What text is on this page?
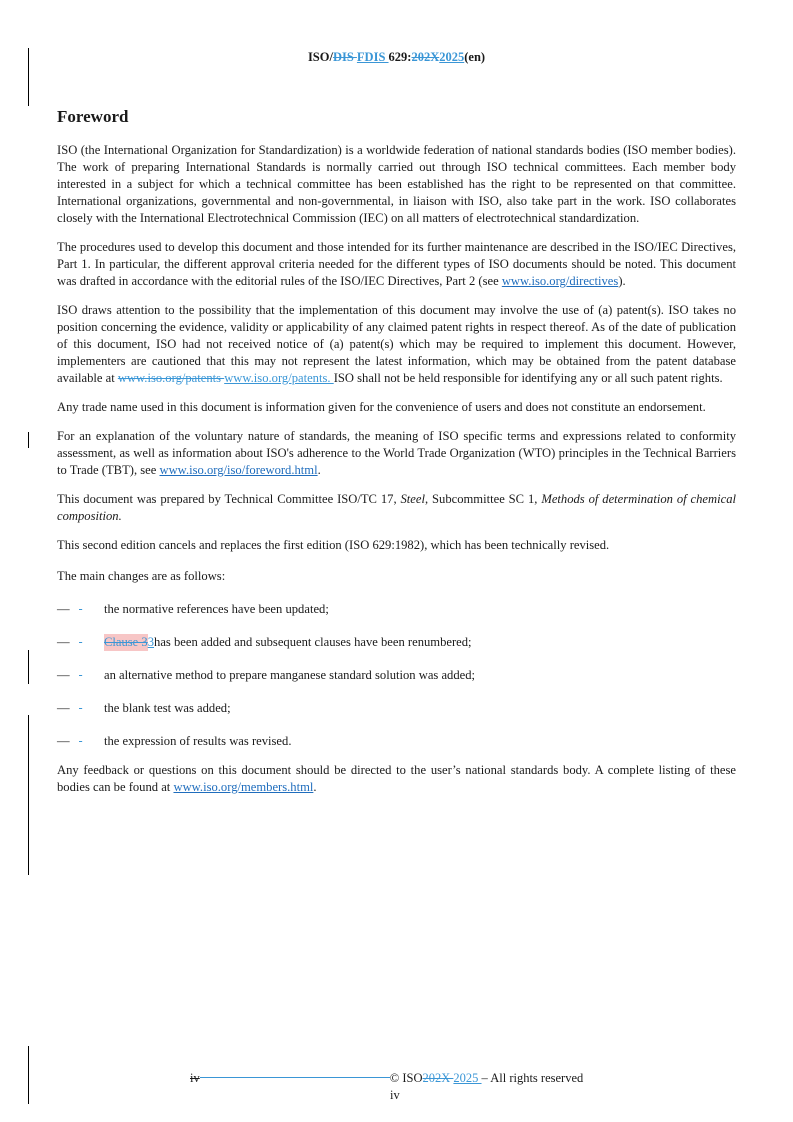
ISO/DIS FDIS 629:202X2025(en)
Foreword

ISO (the International Organization for Standardization) is a worldwide federation of national standards bodies (ISO member bodies). The work of preparing International Standards is normally carried out through ISO technical committees. Each member body interested in a subject for which a technical committee has been established has the right to be represented on that committee. International organizations, governmental and non-governmental, in liaison with ISO, also take part in the work. ISO collaborates closely with the International Electrotechnical Commission (IEC) on all matters of electrotechnical standardization.

The procedures used to develop this document and those intended for its further maintenance are described in the ISO/IEC Directives, Part 1. In particular, the different approval criteria needed for the different types of ISO documents should be noted. This document was drafted in accordance with the editorial rules of the ISO/IEC Directives, Part 2 (see www.iso.org/directives).

ISO draws attention to the possibility that the implementation of this document may involve the use of (a) patent(s). ISO takes no position concerning the evidence, validity or applicability of any claimed patent rights in respect thereof. As of the date of publication of this document, ISO had not received notice of (a) patent(s) which may be required to implement this document. However, implementers are cautioned that this may not represent the latest information, which may be obtained from the patent database available at www.iso.org/patents www.iso.org/patents. ISO shall not be held responsible for identifying any or all such patent rights.

Any trade name used in this document is information given for the convenience of users and does not constitute an endorsement.

For an explanation of the voluntary nature of standards, the meaning of ISO specific terms and expressions related to conformity assessment, as well as information about ISO's adherence to the World Trade Organization (WTO) principles in the Technical Barriers to Trade (TBT), see www.iso.org/iso/foreword.html.

This document was prepared by Technical Committee ISO/TC 17, Steel, Subcommittee SC 1, Methods of determination of chemical composition.

This second edition cancels and replaces the first edition (ISO 629:1982), which has been technically revised.

The main changes are as follows:

—
	the normative references have been updated;
—
	Clause 3 3 has been added and subsequent clauses have been renumbered;
—
	an alternative method to prepare manganese standard solution was added;
—
	the blank test was added;
—
	the expression of results was revised.

Any feedback or questions on this document should be directed to the user’s national standards body. A complete listing of these bodies can be found at www.iso.org/members.html.

iv	© ISO202X 2025 – All rights reserved
iv
